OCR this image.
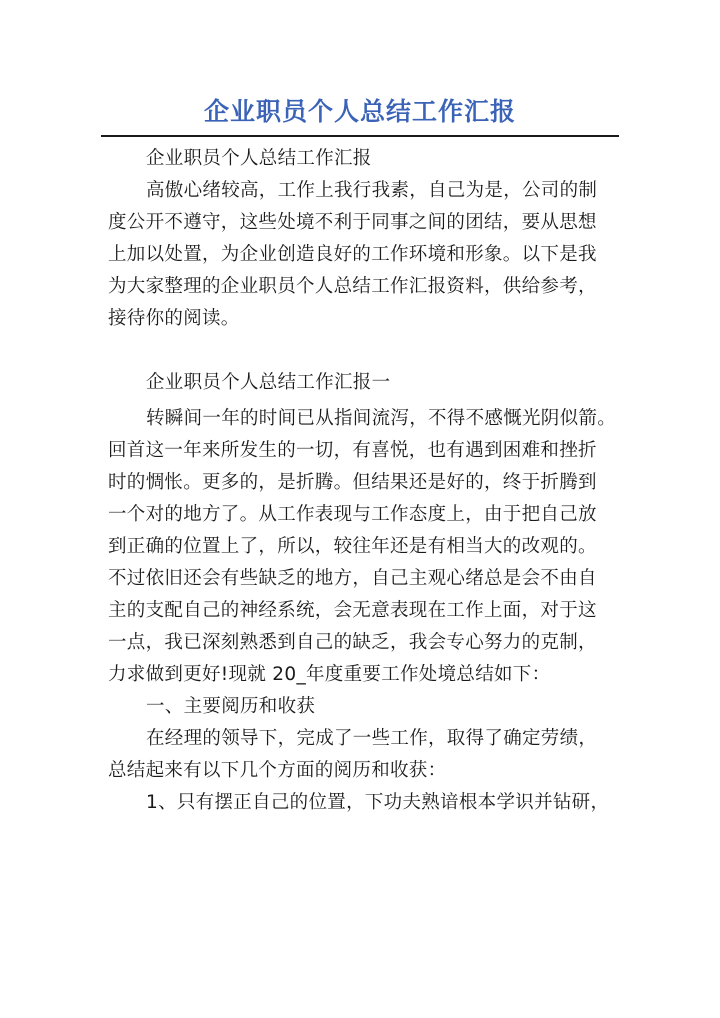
企业职员个人总结工作汇报
企业职员个人总结工作汇报
高傲心绪较高，工作上我行我素，自己为是，公司的制
度公开不遵守，这些处境不利于同事之间的团结，要从思想
上加以处置，为企业创造良好的工作环境和形象。以下是我
为大家整理的企业职员个人总结工作汇报资料，供给参考，
接待你的阅读。
企业职员个人总结工作汇报一
转瞬间一年的时间已从指间流泻，不得不感慨光阴似箭。
回首这一年来所发生的一切，有喜悦，也有遇到困难和挫折
时的惆怅。更多的，是折腾。但结果还是好的，终于折腾到
一个对的地方了。从工作表现与工作态度上，由于把自己放
到正确的位置上了，所以，较往年还是有相当大的改观的。
不过依旧还会有些缺乏的地方，自己主观心绪总是会不由自
主的支配自己的神经系统，会无意表现在工作上面，对于这
一点，我已深刻熟悉到自己的缺乏，我会专心努力的克制，
力求做到更好!现就 20_年度重要工作处境总结如下：
一、主要阅历和收获
在经理的领导下，完成了一些工作，取得了确定劳绩，
总结起来有以下几个方面的阅历和收获：
1、只有摆正自己的位置，下功夫熟谙根本学识并钻研，
